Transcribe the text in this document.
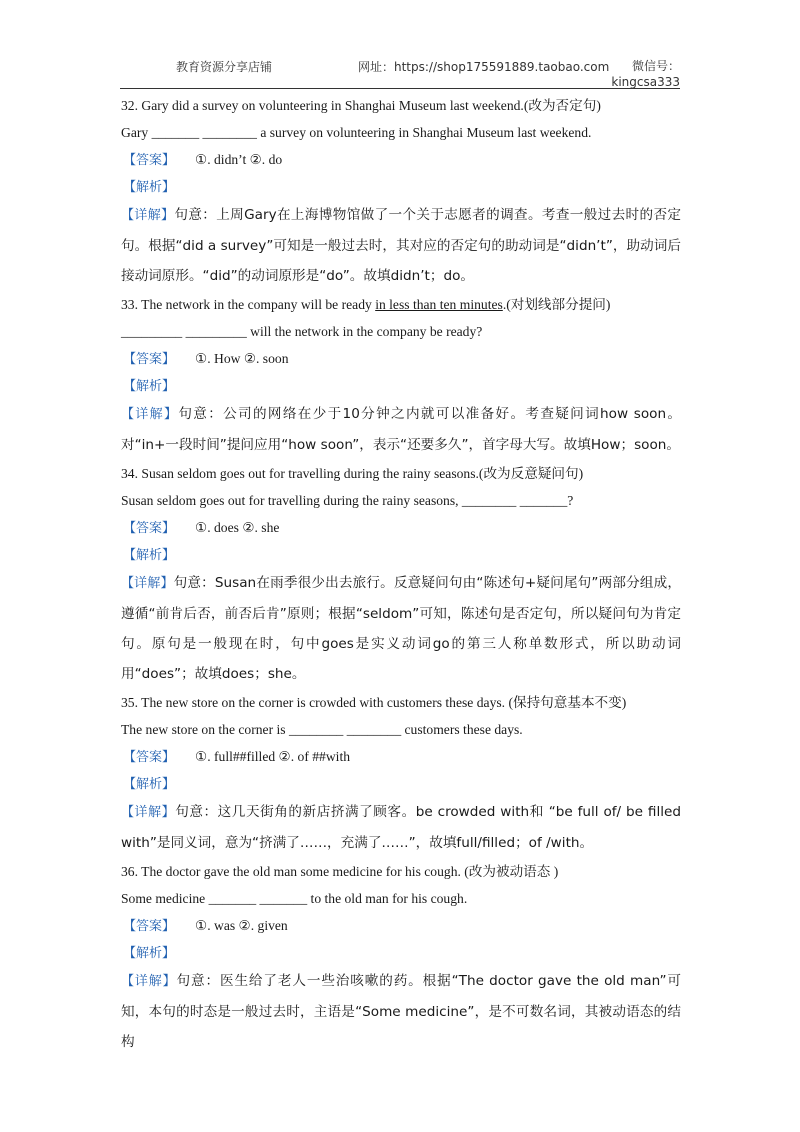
教育资源分享店铺	网址：https://shop175591889.taobao.com	微信号：
kingcsa333
32. Gary did a survey on volunteering in Shanghai Museum last weekend.(改为否定句)
Gary _______ ________ a survey on volunteering in Shanghai Museum last weekend.
【答案】 ①. didn’t ②. do
【解析】
【详解】句意：上周Gary在上海博物馆做了一个关于志愿者的调查。考查一般过去时的否定句。根据“did a survey”可知是一般过去时，其对应的否定句的助动词是“didn’t”，助动词后接动词原形。“did”的动词原形是“do”。故填didn’t；do。
33. The network in the company will be ready in less than ten minutes.(对划线部分提问)
_________ _________ will the network in the company be ready?
【答案】 ①. How ②. soon
【解析】
【详解】句意：公司的网络在少于10分钟之内就可以准备好。考查疑问词how soon。对“in+一段时间”提问应用“how soon”，表示“还要多久”，首字母大写。故填How；soon。
34. Susan seldom goes out for travelling during the rainy seasons.(改为反意疑问句)
Susan seldom goes out for travelling during the rainy seasons, ________ _______?
【答案】 ①. does ②. she
【解析】
【详解】句意：Susan在雨季很少出去旅行。反意疑问句由“陈述句+疑问尾句”两部分组成，遵循“前肯后否，前否后肯”原则；根据“seldom”可知，陈述句是否定句，所以疑问句为肯定句。原句是一般现在时，句中goes是实义动词go的第三人称单数形式，所以助动词用“does”；故填does；she。
35. The new store on the corner is crowded with customers these days. (保持句意基本不变)
The new store on the corner is ________ ________ customers these days.
【答案】 ①. full##filled ②. of ##with
【解析】
【详解】句意：这几天街角的新店挤满了顾客。be crowded with和 “be full of/ be filled with”是同义词，意为“挤满了……，充满了……”，故填full/filled；of /with。
36. The doctor gave the old man some medicine for his cough. (改为被动语态 )
Some medicine _______ _______ to the old man for his cough.
【答案】 ①. was ②. given
【解析】
【详解】句意：医生给了老人一些治咳嗽的药。根据“The doctor gave the old man”可知，本句的时态是一般过去时，主语是“Some medicine”，是不可数名词，其被动语态的结构
